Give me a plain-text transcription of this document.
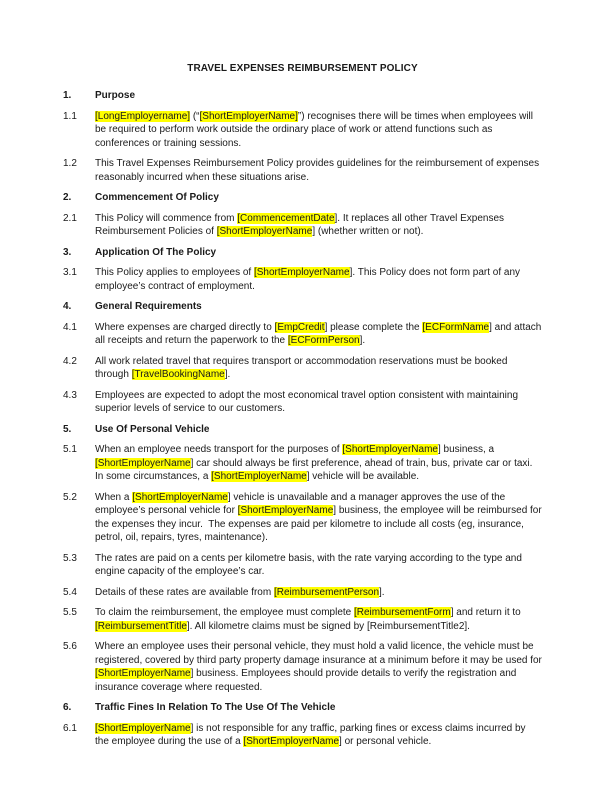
TRAVEL EXPENSES REIMBURSEMENT POLICY
1.	Purpose
1.1	[LongEmployername] (“[ShortEmployerName]”) recognises there will be times when employees will be required to perform work outside the ordinary place of work or attend functions such as conferences or training sessions.
1.2	This Travel Expenses Reimbursement Policy provides guidelines for the reimbursement of expenses reasonably incurred when these situations arise.
2.	Commencement Of Policy
2.1	This Policy will commence from [CommencementDate]. It replaces all other Travel Expenses Reimbursement Policies of [ShortEmployerName] (whether written or not).
3.	Application Of The Policy
3.1	This Policy applies to employees of [ShortEmployerName]. This Policy does not form part of any employee’s contract of employment.
4.	General Requirements
4.1	Where expenses are charged directly to [EmpCredit] please complete the [ECFormName] and attach all receipts and return the paperwork to the [ECFormPerson].
4.2	All work related travel that requires transport or accommodation reservations must be booked through [TravelBookingName].
4.3	Employees are expected to adopt the most economical travel option consistent with maintaining superior levels of service to our customers.
5.	Use Of Personal Vehicle
5.1	When an employee needs transport for the purposes of [ShortEmployerName] business, a [ShortEmployerName] car should always be first preference, ahead of train, bus, private car or taxi.  In some circumstances, a [ShortEmployerName] vehicle will be available.
5.2	When a [ShortEmployerName] vehicle is unavailable and a manager approves the use of the employee’s personal vehicle for [ShortEmployerName] business, the employee will be reimbursed for the expenses they incur.  The expenses are paid per kilometre to include all costs (eg, insurance, petrol, oil, repairs, tyres, maintenance).
5.3	The rates are paid on a cents per kilometre basis, with the rate varying according to the type and engine capacity of the employee’s car.
5.4	Details of these rates are available from [ReimbursementPerson].
5.5	To claim the reimbursement, the employee must complete [ReimbursementForm] and return it to [ReimbursementTitle]. All kilometre claims must be signed by [ReimbursementTitle2].
5.6	Where an employee uses their personal vehicle, they must hold a valid licence, the vehicle must be registered, covered by third party property damage insurance at a minimum before it may be used for [ShortEmployerName] business. Employees should provide details to verify the registration and insurance coverage where requested.
6.	Traffic Fines In Relation To The Use Of The Vehicle
6.1	[ShortEmployerName] is not responsible for any traffic, parking fines or excess claims incurred by the employee during the use of a [ShortEmployerName] or personal vehicle.
